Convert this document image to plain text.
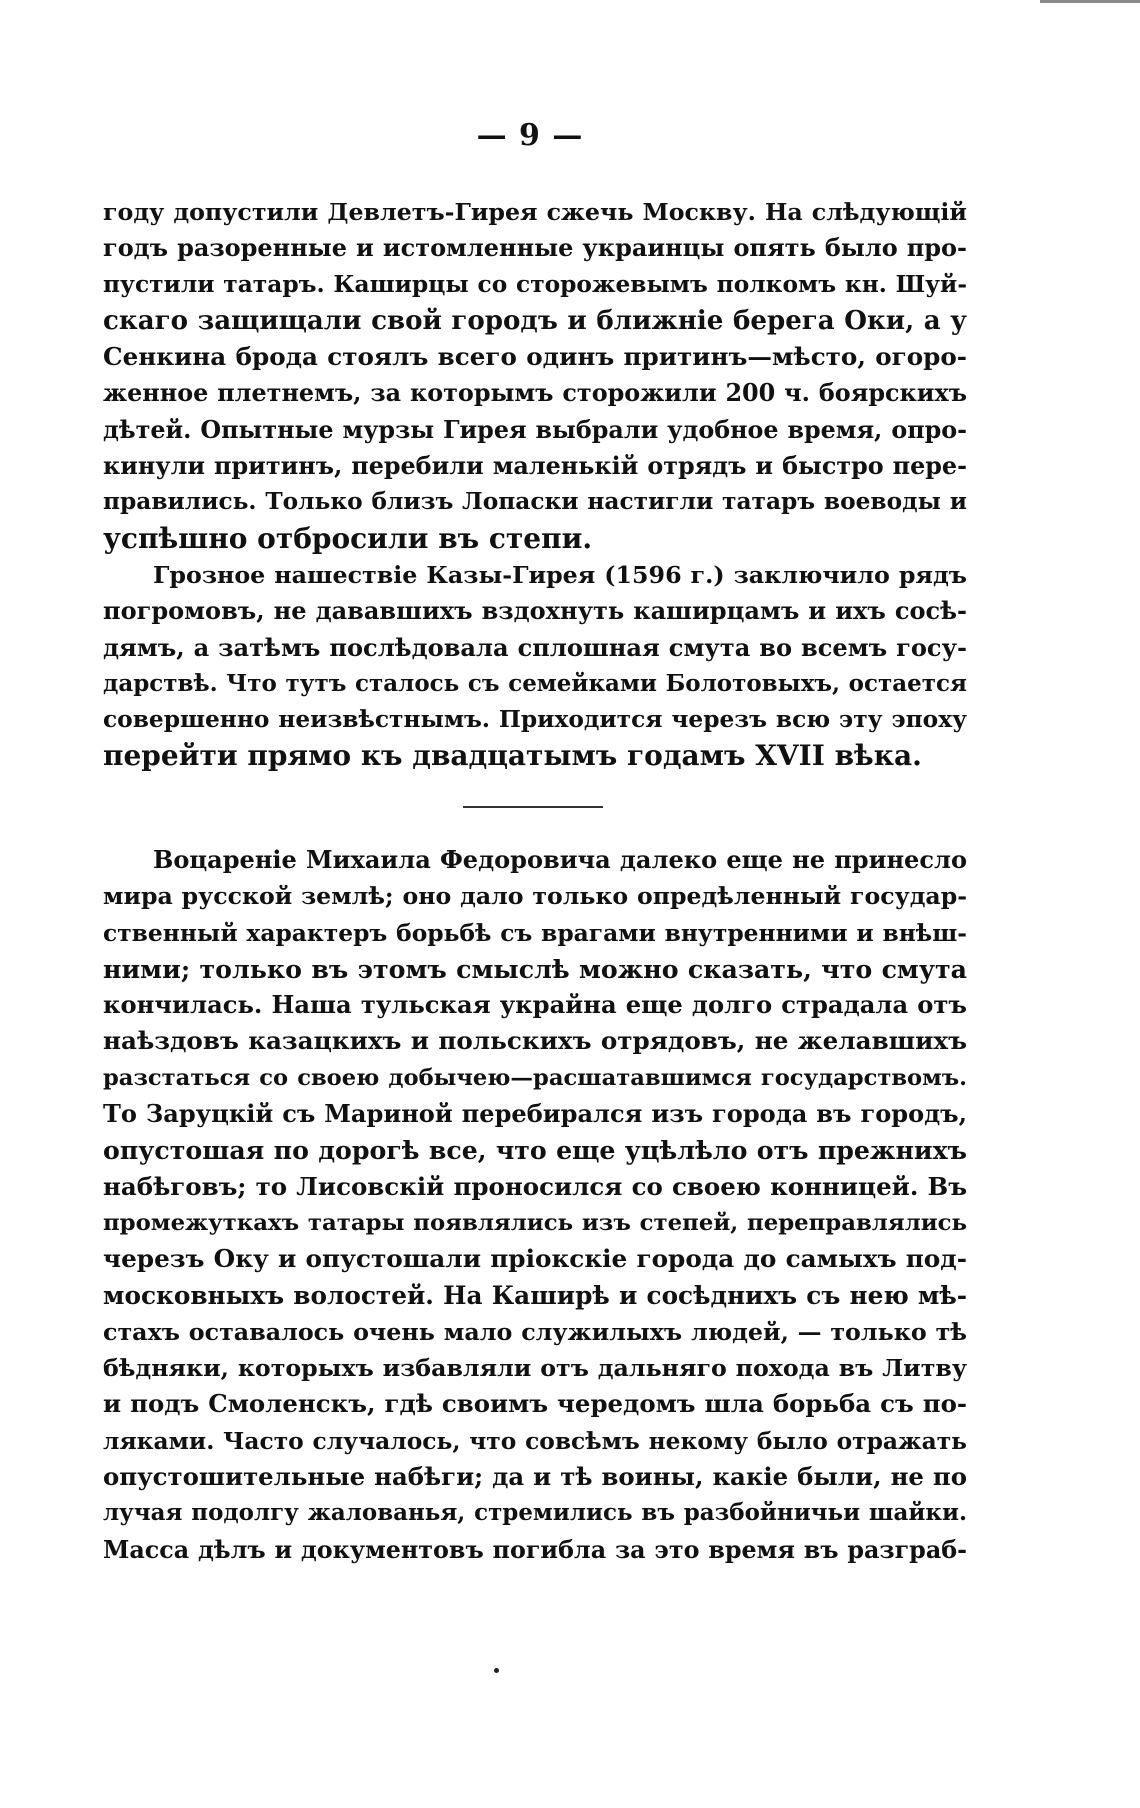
— 9 —
году допустили Девлетъ-Гирея сжечь Москву. На слѣдующій
годъ разоренные и истомленные украинцы опять было про-
пустили татаръ. Каширцы со сторожевымъ полкомъ кн. Шуй-
скаго защищали свой городъ и ближніе берега Оки, а у
Сенкина брода стоялъ всего одинъ притинъ—мѣсто, огоро-
женное плетнемъ, за которымъ сторожили 200 ч. боярскихъ
дѣтей. Опытные мурзы Гирея выбрали удобное время, опро-
кинули притинъ, перебили маленькій отрядъ и быстро пере-
правились. Только близъ Лопаски настигли татаръ воеводы и
успѣшно отбросили въ степи.
Грозное нашествіе Казы-Гирея (1596 г.) заключило рядъ
погромовъ, не дававшихъ вздохнуть каширцамъ и ихъ сосѣ-
дямъ, а затѣмъ послѣдовала сплошная смута во всемъ госу-
дарствѣ. Что тутъ сталось съ семейками Болотовыхъ, остается
совершенно неизвѣстнымъ. Приходится черезъ всю эту эпоху
перейти прямо къ двадцатымъ годамъ XVII вѣка.
Воцареніе Михаила Федоровича далеко еще не принесло
мира русской землѣ; оно дало только опредѣленный государ-
ственный характеръ борьбѣ съ врагами внутренними и внѣш-
ними; только въ этомъ смыслѣ можно сказать, что смута
кончилась. Наша тульская украйна еще долго страдала отъ
наѣздовъ казацкихъ и польскихъ отрядовъ, не желавшихъ
разстаться со своею добычею—расшатавшимся государствомъ.
То Заруцкій съ Мариной перебирался изъ города въ городъ,
опустошая по дорогѣ все, что еще уцѣлѣло отъ прежнихъ
набѣговъ; то Лисовскій проносился со своею конницей. Въ
промежуткахъ татары появлялись изъ степей, переправлялись
черезъ Оку и опустошали пріокскіе города до самыхъ под-
московныхъ волостей. На Каширѣ и сосѣднихъ съ нею мѣ-
стахъ оставалось очень мало служилыхъ людей, — только тѣ
бѣдняки, которыхъ избавляли отъ дальняго похода въ Литву
и подъ Смоленскъ, гдѣ своимъ чередомъ шла борьба съ по-
ляками. Часто случалось, что совсѣмъ некому было отражать
опустошительные набѣги; да и тѣ воины, какіе были, не по
лучая подолгу жалованья, стремились въ разбойничьи шайки.
Масса дѣлъ и документовъ погибла за это время въ разграб-
